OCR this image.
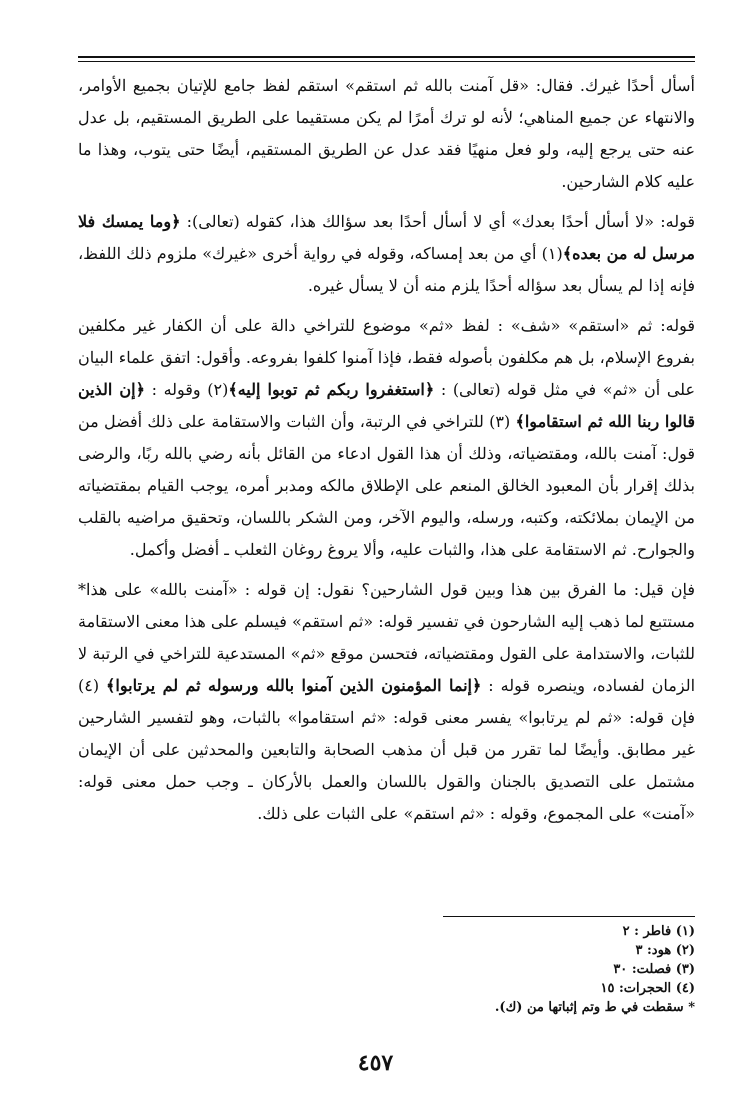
أسأل أحدًا غيرك. فقال: «قل آمنت بالله ثم استقم» استقم لفظ جامع للإتيان بجميع الأوامر، والانتهاء عن جميع المناهي؛ لأنه لو ترك أمرًا لم يكن مستقيما على الطريق المستقيم، بل عدل عنه حتى يرجع إليه، ولو فعل منهيًا فقد عدل عن الطريق المستقيم، أيضًا حتى يتوب، وهذا ما عليه كلام الشارحين.

قوله: «لا أسأل أحدًا بعدك» أي لا أسأل أحدًا بعد سؤالك هذا، كقوله (تعالى): ﴿وما يمسك فلا مرسل له من بعده﴾(١) أي من بعد إمساكه، وقوله في رواية أخرى «غيرك» ملزوم ذلك اللفظ، فإنه إذا لم يسأل بعد سؤاله أحدًا يلزم منه أن لا يسأل غيره.

قوله: ثم «استقم» «شف» : لفظ «ثم» موضوع للتراخي دالة على أن الكفار غير مكلفين بفروع الإسلام، بل هم مكلفون بأصوله فقط، فإذا آمنوا كلفوا بفروعه. وأقول: اتفق علماء البيان على أن «ثم» في مثل قوله (تعالى) : ﴿استغفروا ربكم ثم توبوا إليه﴾(٢) وقوله : ﴿إن الذين قالوا ربنا الله ثم استقاموا﴾ (٣) للتراخي في الرتبة، وأن الثبات والاستقامة على ذلك أفضل من قول: آمنت بالله، ومقتضياته، وذلك أن هذا القول ادعاء من القائل بأنه رضي بالله ربًا، والرضى بذلك إقرار بأن المعبود الخالق المنعم على الإطلاق مالكه ومدبر أمره، يوجب القيام بمقتضياته من الإيمان بملائكته، وكتبه، ورسله، واليوم الآخر، ومن الشكر باللسان، وتحقيق مراضيه بالقلب والجوارح. ثم الاستقامة على هذا، والثبات عليه، وألا يروغ روغان الثعلب ـ أفضل وأكمل.

فإن قيل: ما الفرق بين هذا وبين قول الشارحين؟ نقول: إن قوله : «آمنت بالله» على هذا* مستتبع لما ذهب إليه الشارحون في تفسير قوله: «ثم استقم» فيسلم على هذا معنى الاستقامة للثبات، والاستدامة على القول ومقتضياته، فتحسن موقع «ثم» المستدعية للتراخي في الرتبة لا الزمان لفساده، وينصره قوله : ﴿إنما المؤمنون الذين آمنوا بالله ورسوله ثم لم يرتابوا﴾ (٤) فإن قوله: «ثم لم يرتابوا» يفسر معنى قوله: «ثم استقاموا» بالثبات، وهو لتفسير الشارحين غير مطابق. وأيضًا لما تقرر من قبل أن مذهب الصحابة والتابعين والمحدثين على أن الإيمان مشتمل على التصديق بالجنان والقول باللسان والعمل بالأركان ـ وجب حمل معنى قوله: «آمنت» على المجموع، وقوله : «ثم استقم» على الثبات على ذلك.

(١) فاطر : ٢
(٢) هود: ٣
(٣) فصلت: ٣٠
(٤) الحجرات: ١٥
* سقطت في ط وتم إثباتها من (ك).
٤٥٧
